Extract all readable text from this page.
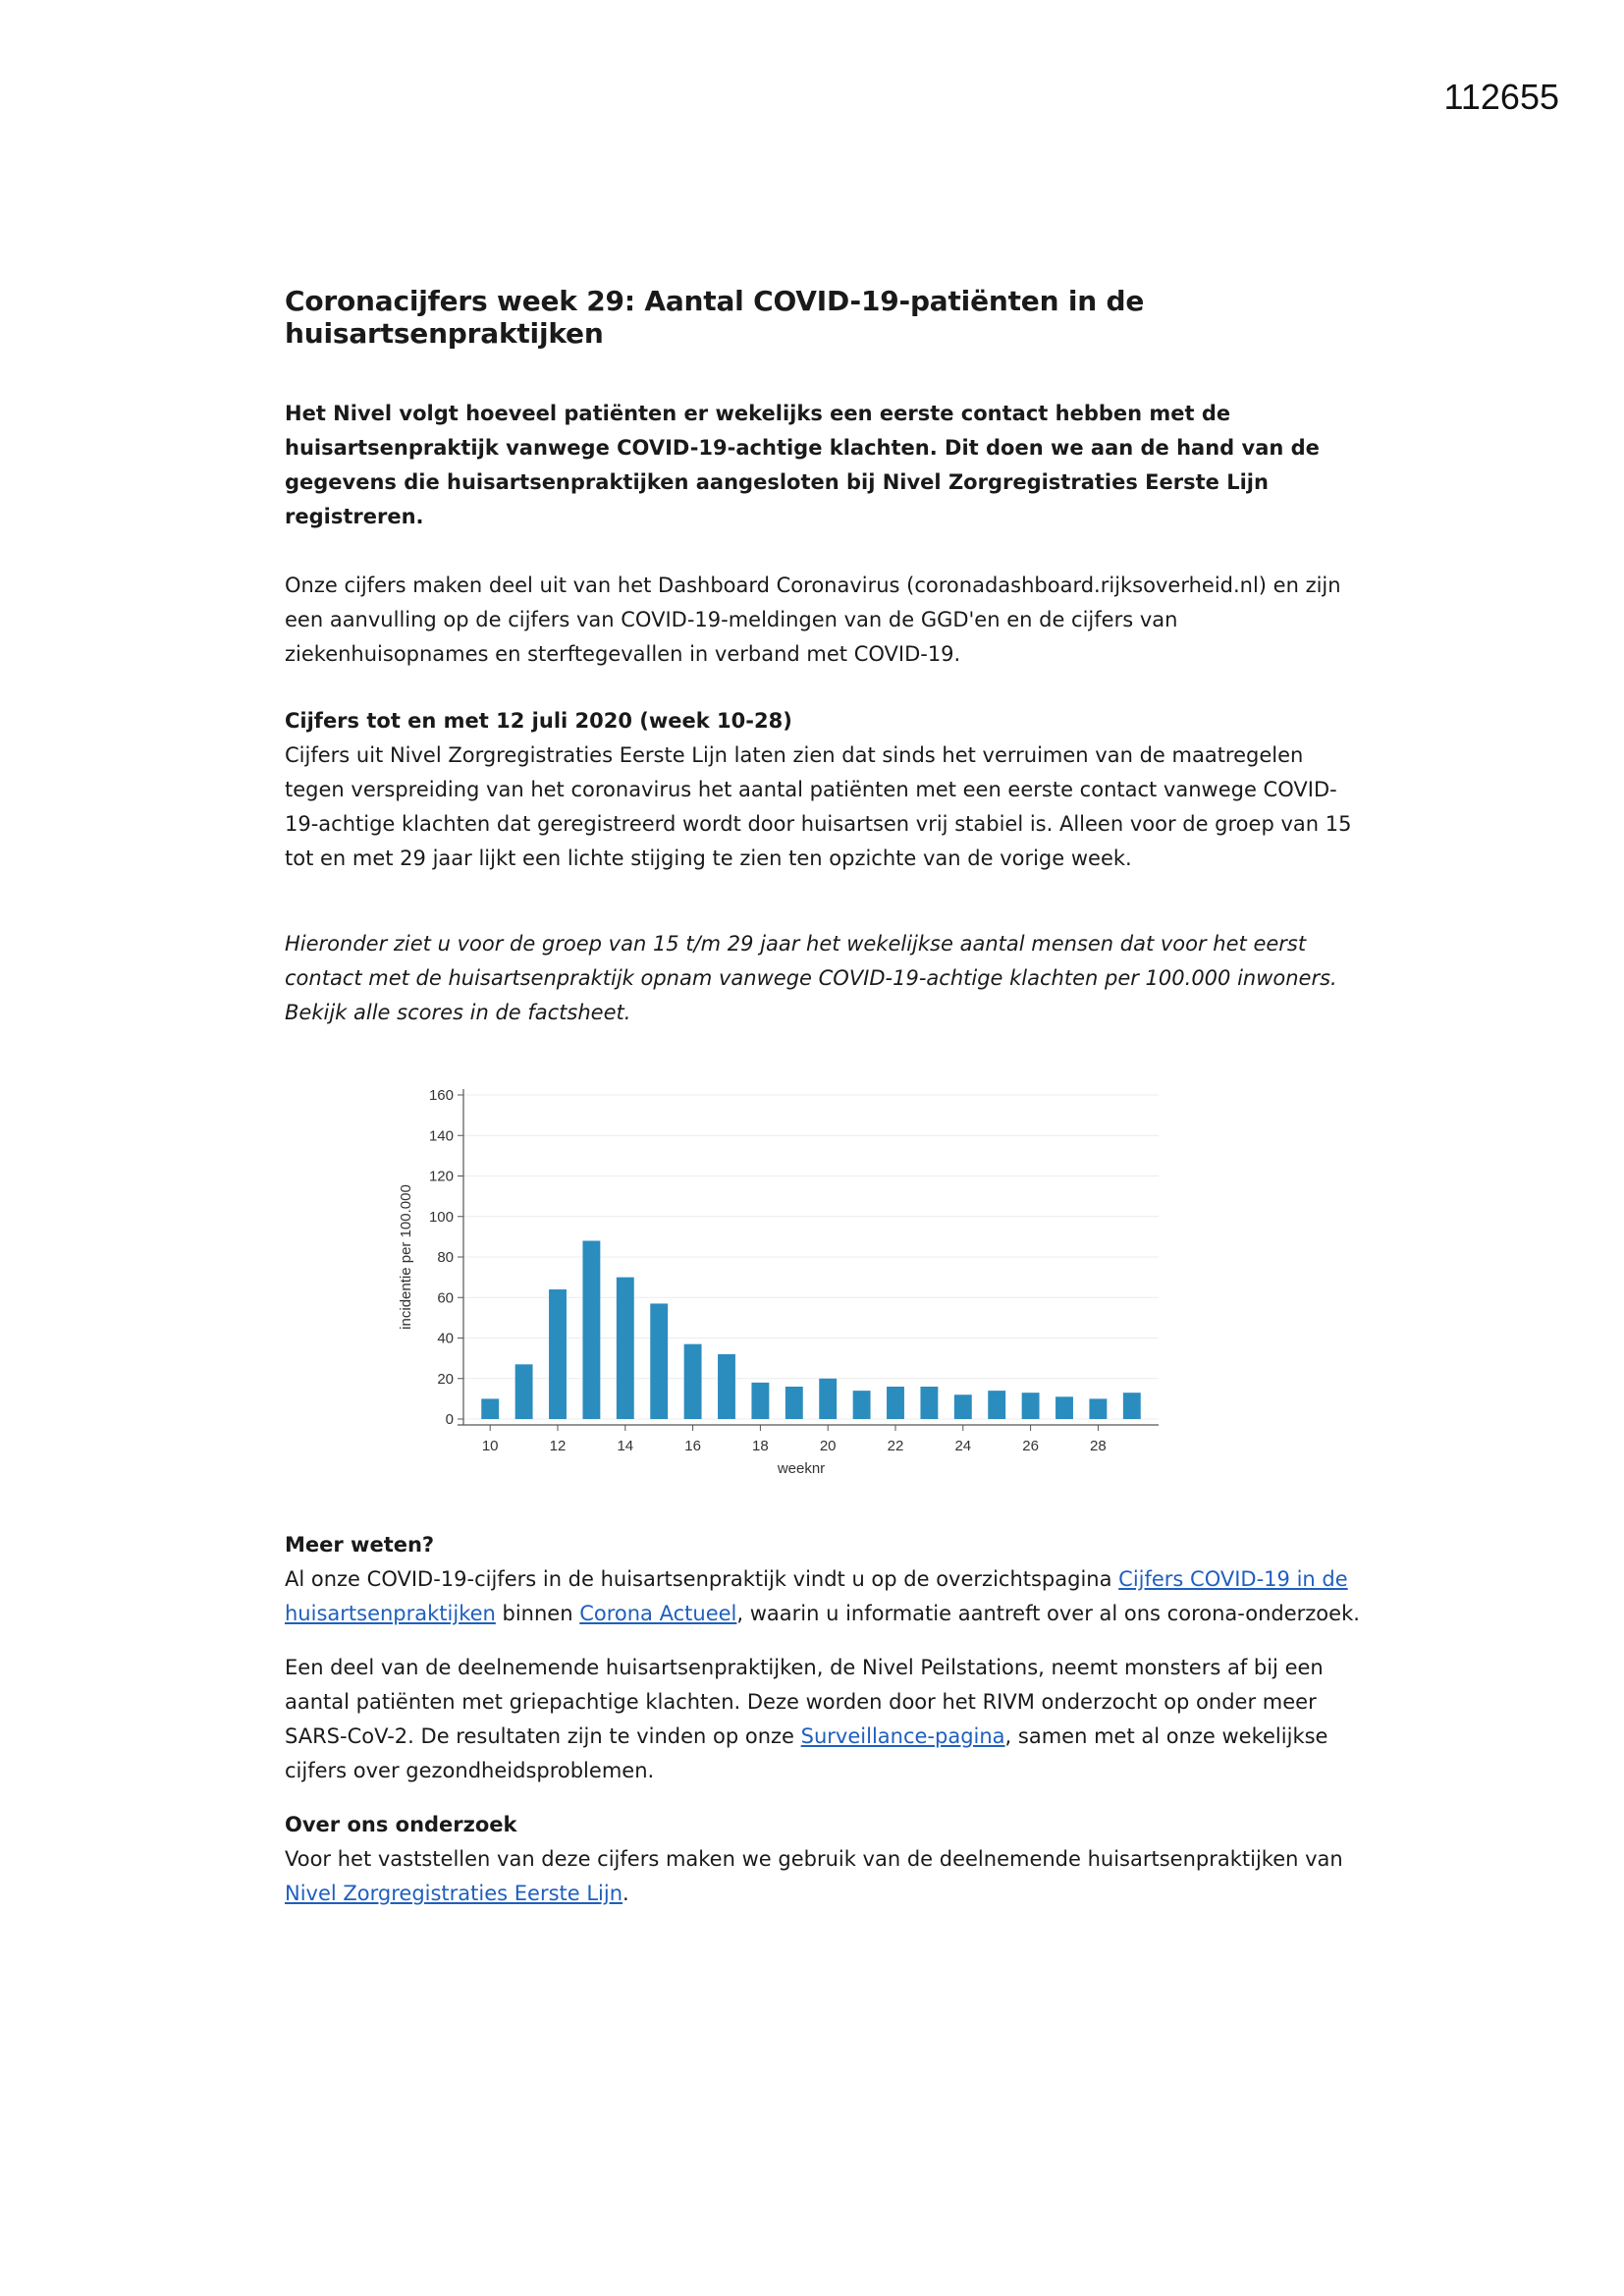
112655
Coronacijfers week 29: Aantal COVID-19-patiënten in de huisartsenpraktijken

Het Nivel volgt hoeveel patiënten er wekelijks een eerste contact hebben met de huisartsenpraktijk vanwege COVID-19-achtige klachten. Dit doen we aan de hand van de gegevens die huisartsenpraktijken aangesloten bij Nivel Zorgregistraties Eerste Lijn registreren.

Onze cijfers maken deel uit van het Dashboard Coronavirus (coronadashboard.rijksoverheid.nl) en zijn een aanvulling op de cijfers van COVID-19-meldingen van de GGD'en en de cijfers van ziekenhuisopnames en sterftegevallen in verband met COVID-19.

Cijfers tot en met 12 juli 2020 (week 10-28)

Cijfers uit Nivel Zorgregistraties Eerste Lijn laten zien dat sinds het verruimen van de maatregelen tegen verspreiding van het coronavirus het aantal patiënten met een eerste contact vanwege COVID-19-achtige klachten dat geregistreerd wordt door huisartsen vrij stabiel is. Alleen voor de groep van 15 tot en met 29 jaar lijkt een lichte stijging te zien ten opzichte van de vorige week.

Hieronder ziet u voor de groep van 15 t/m 29 jaar het wekelijkse aantal mensen dat voor het eerst contact met de huisartsenpraktijk opnam vanwege COVID-19-achtige klachten per 100.000 inwoners. Bekijk alle scores in de factsheet.

0
20
40
60
80
100
120
140
160
10	12	14	16	18	20	22	24	26	28
weeknr
incidentie per 100.000

Meer weten?

Al onze COVID-19-cijfers in de huisartsenpraktijk vindt u op de overzichtspagina Cijfers COVID-19 in de huisartsenpraktijken binnen Corona Actueel, waarin u informatie aantreft over al ons corona-onderzoek.

Een deel van de deelnemende huisartsenpraktijken, de Nivel Peilstations, neemt monsters af bij een aantal patiënten met griepachtige klachten. Deze worden door het RIVM onderzocht op onder meer SARS-CoV-2. De resultaten zijn te vinden op onze Surveillance-pagina, samen met al onze wekelijkse cijfers over gezondheidsproblemen.

Over ons onderzoek

Voor het vaststellen van deze cijfers maken we gebruik van de deelnemende huisartsenpraktijken van Nivel Zorgregistraties Eerste Lijn.
